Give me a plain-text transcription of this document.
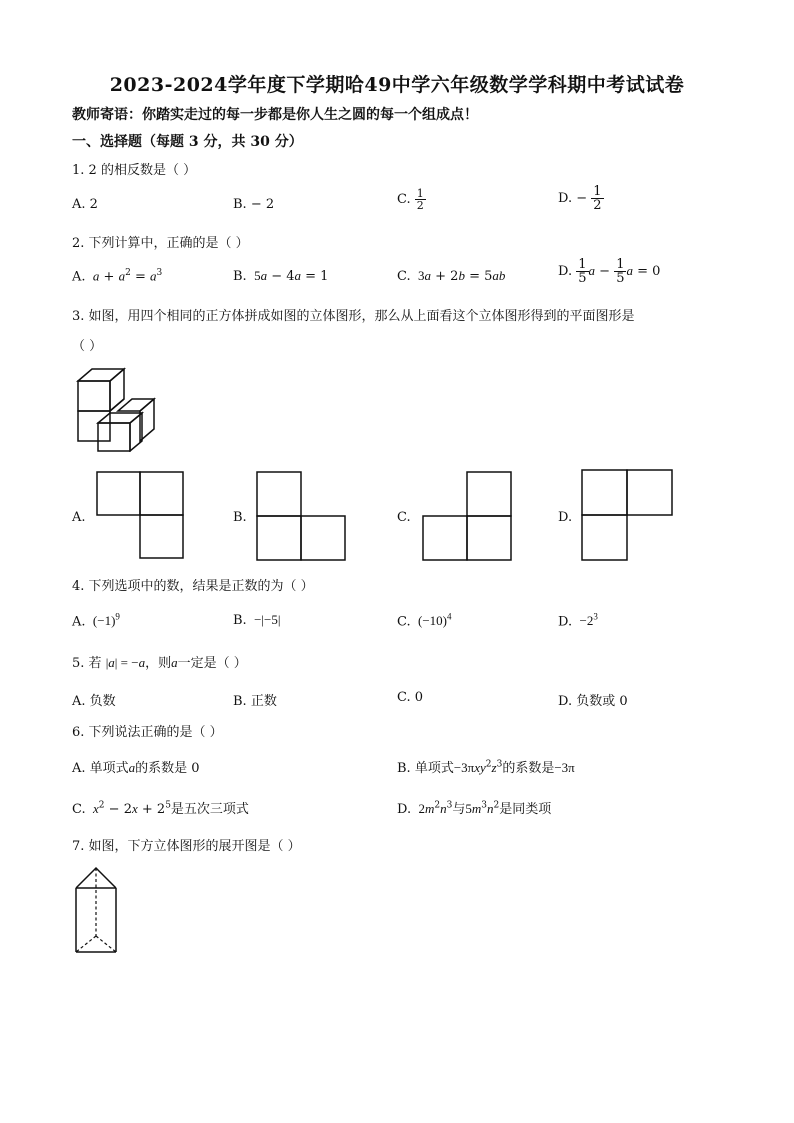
2023-2024学年度下学期哈49中学六年级数学学科期中考试试卷
教师寄语：你踏实走过的每一步都是你人生之圆的每一个组成点！
一、选择题（每题 3 分，共 30 分）
1. 2 的相反数是（ ）
A. 2	B. − 2	C. $\frac{1}{2}$	D. − $\frac{1}{2}$
2. 下列计算中，正确的是（ ）
A.  $a + a^2 = a^3$	B.  5a − 4a = 1	C.  3a + 2b = 5ab	D. $\frac{1}{5}$ $a - \frac{1}{5}$ a = 0
3. 如图，用四个相同的正方体拼成如图的立体图形，那么从上面看这个立体图形得到的平面图形是
（ ）
A.	B.	C.	D.
4. 下列选项中的数，结果是正数的为（ ）
A.  $(-1)^9$	B.  −|−5|	C.  $(-10)^4$	D.  $-2^3$
5. 若 |a| = −a，则a一定是（ ）
A. 负数	B. 正数	C. 0	D. 负数或 0
6. 下列说法正确的是（ ）
A. 单项式a的系数是 0	B. 单项式$-3\pi xy^2z^3$的系数是−3π
C.  $x^2 - 2x + 2^5$是五次三项式	D.  $2m^2n^3$与$5m^3n^2$是同类项
7. 如图，下方立体图形的展开图是（ ）
